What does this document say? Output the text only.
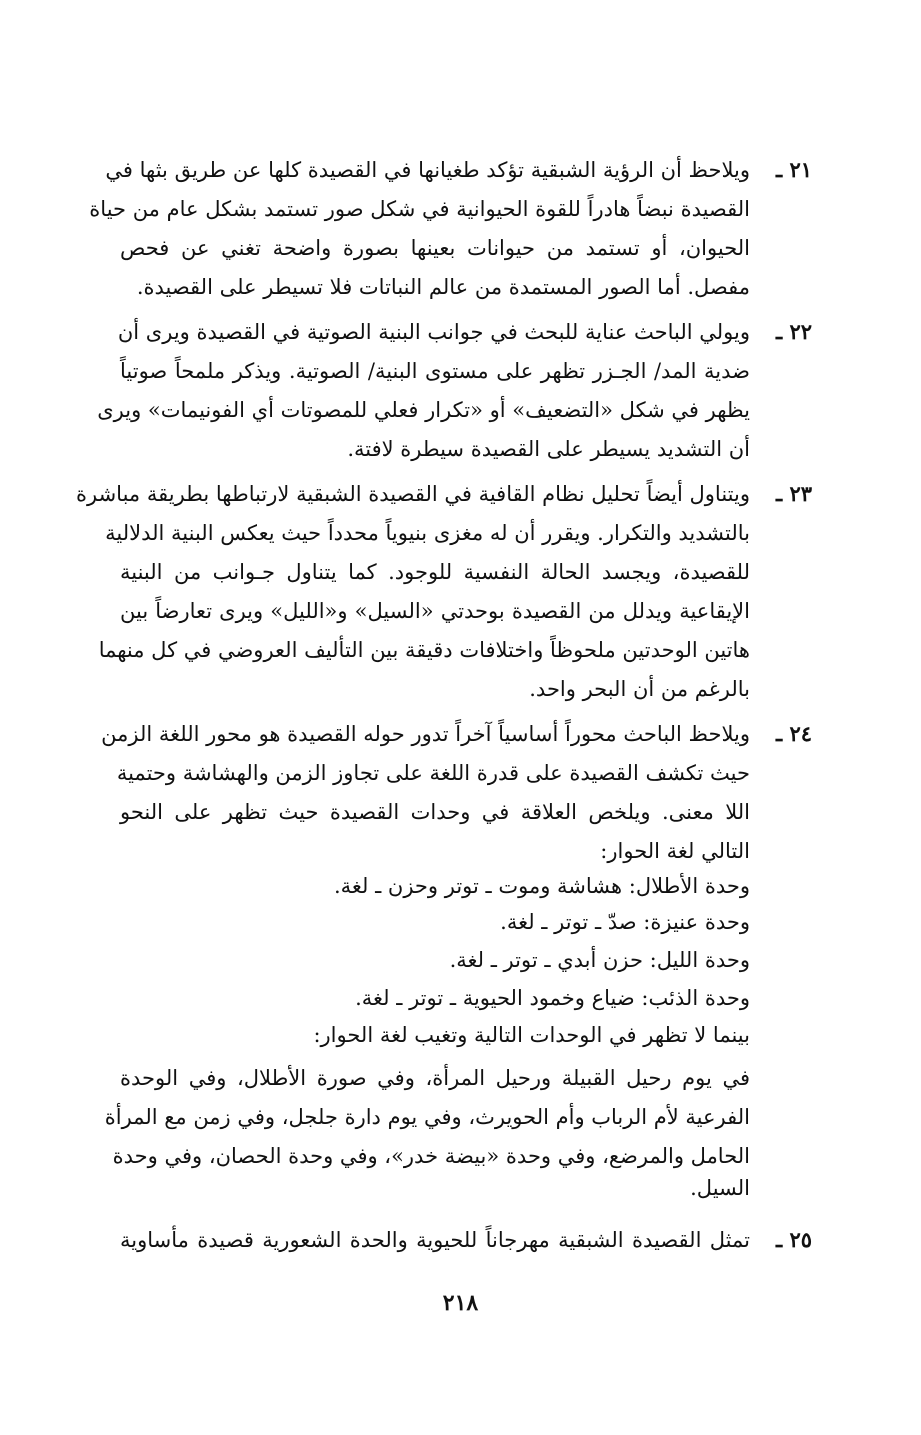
٢١ ـ
ويلاحظ أن الرؤية الشبقية تؤكد طغيانها في القصيدة كلها عن طريق بثها في
القصيدة نبضاً هادراً للقوة الحيوانية في شكل صور تستمد بشكل عام من حياة
الحيوان، أو تستمد من حيوانات بعينها بصورة واضحة تغني عن فحص
مفصل. أما الصور المستمدة من عالم النباتات فلا تسيطر على القصيدة.
٢٢ ـ
ويولي الباحث عناية للبحث في جوانب البنية الصوتية في القصيدة ويرى أن
ضدية المد/ الجـزر تظهر على مستوى البنية/ الصوتية. ويذكر ملمحاً صوتياً
يظهر في شكل «التضعيف» أو «تكرار فعلي للمصوتات أي الفونيمات» ويرى
أن التشديد يسيطر على القصيدة سيطرة لافتة.
٢٣ ـ
ويتناول أيضاً تحليل نظام القافية في القصيدة الشبقية لارتباطها بطريقة مباشرة
بالتشديد والتكرار. ويقرر أن له مغزى بنيوياً محدداً حيث يعكس البنية الدلالية
للقصيدة، ويجسد الحالة النفسية للوجود. كما يتناول جـوانب من البنية
الإيقاعية ويدلل من القصيدة بوحدتي «السيل» و«الليل» ويرى تعارضاً بين
هاتين الوحدتين ملحوظاً واختلافات دقيقة بين التأليف العروضي في كل منهما
بالرغم من أن البحر واحد.
٢٤ ـ
ويلاحظ الباحث محوراً أساسياً آخراً تدور حوله القصيدة هو محور اللغة الزمن
حيث تكشف القصيدة على قدرة اللغة على تجاوز الزمن والهشاشة وحتمية
اللا معنى. ويلخص العلاقة في وحدات القصيدة حيث تظهر على النحو
التالي لغة الحوار:
وحدة الأطلال: هشاشة وموت ـ توتر وحزن ـ لغة.
وحدة عنيزة: صدّ ـ توتر ـ لغة.
وحدة الليل: حزن أبدي ـ توتر ـ لغة.
وحدة الذئب: ضياع وخمود الحيوية ـ توتر ـ لغة.
بينما لا تظهر في الوحدات التالية وتغيب لغة الحوار:
في يوم رحيل القبيلة ورحيل المرأة، وفي صورة الأطلال، وفي الوحدة
الفرعية لأم الرباب وأم الحويرث، وفي يوم دارة جلجل، وفي زمن مع المرأة
الحامل والمرضع، وفي وحدة «بيضة خدر»، وفي وحدة الحصان، وفي وحدة
السيل.
٢٥ ـ
تمثل القصيدة الشبقية مهرجاناً للحيوية والحدة الشعورية قصيدة مأساوية
٢١٨
